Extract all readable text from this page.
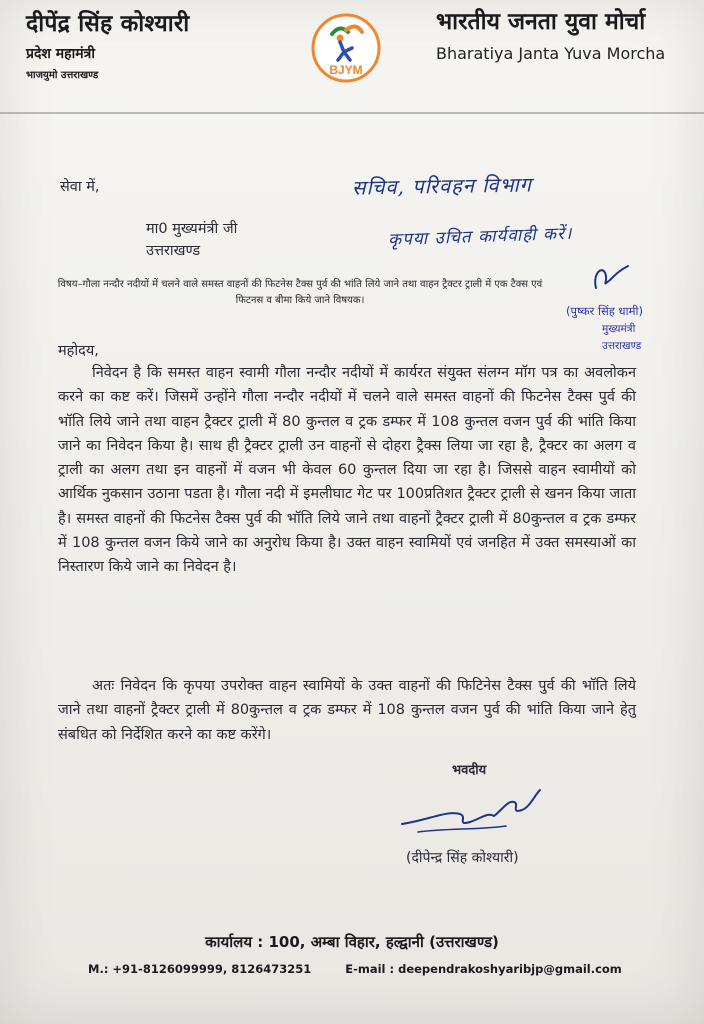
दीपेंद्र सिंह कोश्यारी
प्रदेश महामंत्री
भाजयुमो उत्तराखण्ड	BJYM
भारतीय जनता युवा मोर्चा
Bharatiya Janta Yuva Morcha
सेवा में,
मा0 मुख्यमंत्री जी
उत्तराखण्ड
सचिव, परिवहन विभाग
कृपया उचित कार्यवाही करें।
(पुष्कर सिंह धामी)
मुख्यमंत्री
उत्तराखण्ड
विषय–गौला नन्दौर नदीयों में चलने वाले समस्त वाहनों की फिटनेस टैक्स पुर्व की भांति लिये जाने तथा वाहन ट्रैक्टर ट्राली में एक टैक्स एवं फिटनस व बीमा किये जाने विषयक।
महोदय,
निवेदन है कि समस्त वाहन स्वामी गौला नन्दौर नदीयों में कार्यरत संयुक्त संलग्न मॉग पत्र का अवलोकन करने का कष्ट करें। जिसमें उन्होंने गौला नन्दौर नदीयों में चलने वाले समस्त वाहनों की फिटनेस टैक्स पुर्व की भॉति लिये जाने तथा वाहन ट्रैक्टर ट्राली में 80 कुन्तल व ट्रक डम्फर में 108 कुन्तल वजन पुर्व की भांति किया जाने का निवेदन किया है। साथ ही ट्रैक्टर ट्राली उन वाहनों से दोहरा ट्रैक्स लिया जा रहा है, ट्रैक्टर का अलग व ट्राली का अलग तथा इन वाहनों में वजन भी केवल 60 कुन्तल दिया जा रहा है। जिससे वाहन स्वामीयों को आर्थिक नुकसान उठाना पडता है। गौला नदी में इमलीघाट गेट पर 100प्रतिशत ट्रैक्टर ट्राली से खनन किया जाता है। समस्त वाहनों की फिटनेस टैक्स पुर्व की भॉति लिये जाने तथा वाहनों ट्रैक्टर ट्राली में 80कुन्तल व ट्रक डम्फर में 108 कुन्तल वजन किये जाने का अनुरोध किया है। उक्त वाहन स्वामियों एवं जनहित में उक्त समस्याओं का निस्तारण किये जाने का निवेदन है।
अतः निवेदन कि कृपया उपरोक्त वाहन स्वामियों के उक्त वाहनों की फिटिनेस टैक्स पुर्व की भॉति लिये जाने तथा वाहनों ट्रैक्टर ट्राली में 80कुन्तल व ट्रक डम्फर में 108 कुन्तल वजन पुर्व की भांति किया जाने हेतु संबधित को निर्देशित करने का कष्ट करेंगे।
भवदीय
(दीपेन्द्र सिंह कोश्यारी)
कार्यालय : 100, अम्बा विहार, हल्द्वानी (उत्तराखण्ड)
M.: +91-8126099999, 8126473251	E-mail : deependrakoshyaribjp@gmail.com
